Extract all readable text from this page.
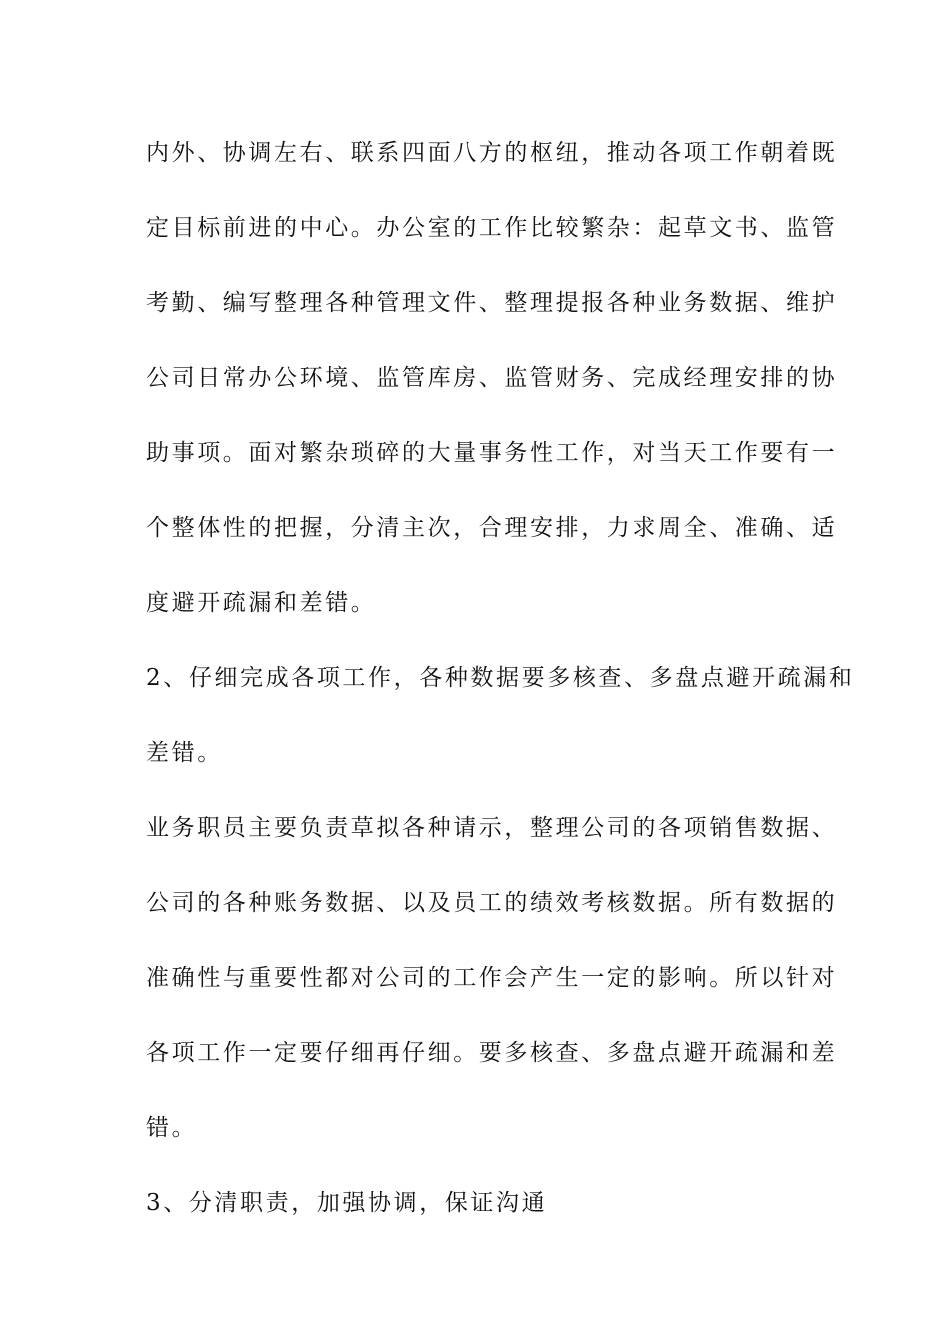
内外、协调左右、联系四面八方的枢纽，推动各项工作朝着既
定目标前进的中心。办公室的工作比较繁杂：起草文书、监管
考勤、编写整理各种管理文件、整理提报各种业务数据、维护
公司日常办公环境、监管库房、监管财务、完成经理安排的协
助事项。面对繁杂琐碎的大量事务性工作，对当天工作要有一
个整体性的把握，分清主次，合理安排，力求周全、准确、适
度避开疏漏和差错。
2、仔细完成各项工作，各种数据要多核查、多盘点避开疏漏和
差错。
业务职员主要负责草拟各种请示，整理公司的各项销售数据、
公司的各种账务数据、以及员工的绩效考核数据。所有数据的
准确性与重要性都对公司的工作会产生一定的影响。所以针对
各项工作一定要仔细再仔细。要多核查、多盘点避开疏漏和差
错。
3、分清职责，加强协调，保证沟通
